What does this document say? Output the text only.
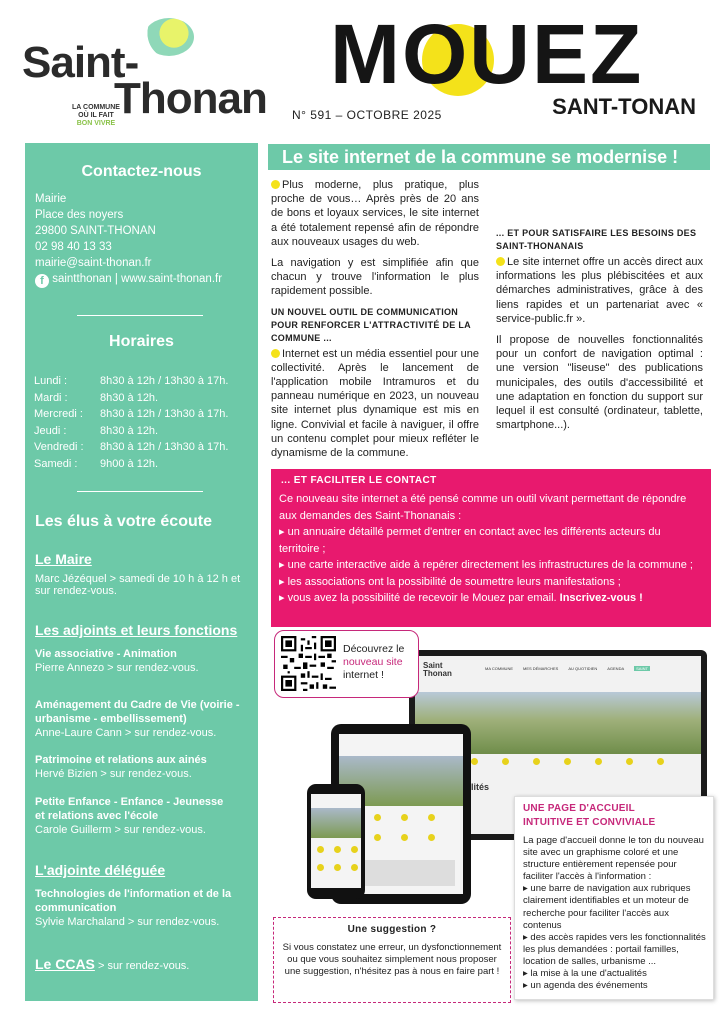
Saint-
Thonan
LA COMMUNE
OÙ IL FAIT
BON VIVRE
MOUEZ
SANT-TONAN
N° 591 – OCTOBRE 2025

Contactez-nous

Mairie
Place des noyers
29800 SAINT-THONAN
02 98 40 13 33
mairie@saint-thonan.fr
f saintthonan | www.saint-thonan.fr

Horaires

Lundi :	8h30 à 12h / 13h30 à 17h.
Mardi :	8h30 à 12h.
Mercredi :	8h30 à 12h / 13h30 à 17h.
Jeudi :	8h30 à 12h.
Vendredi :	8h30 à 12h / 13h30 à 17h.
Samedi :	9h00 à 12h.
Les élus à votre écoute
Le Maire
Marc Jézéquel > samedi de 10 h à 12 h et sur rendez-vous.
Les adjoints et leurs fonctions
Vie associative - Animation
Pierre Annezo > sur rendez-vous.
Aménagement du Cadre de Vie (voirie - urbanisme - embellissement)
Anne-Laure Cann > sur rendez-vous.
Patrimoine et relations aux ainés
Hervé Bizien > sur rendez-vous.
Petite Enfance - Enfance - Jeunesse et relations avec l'école
Carole Guillerm > sur rendez-vous.
L'adjointe déléguée
Technologies de l'information et de la communication
Sylvie Marchaland > sur rendez-vous.
Le CCAS > sur rendez-vous.
Le site internet de la commune se modernise !

Plus moderne, plus pratique, plus proche de vous… Après près de 20 ans de bons et loyaux services, le site internet a été totalement repensé afin de répondre aux nouveaux usages du web.

La navigation y est simplifiée afin que chacun y trouve l'information le plus rapidement possible.

UN NOUVEL OUTIL DE COMMUNICATION POUR RENFORCER L'ATTRACTIVITÉ DE LA COMMUNE ...

Internet est un média essentiel pour une collectivité. Après le lancement de l'application mobile Intramuros et du panneau numérique en 2023, un nouveau site internet plus dynamique est mis en ligne. Convivial et facile à naviguer, il offre un contenu complet pour mieux refléter le dynamisme de la commune.

... ET POUR SATISFAIRE LES BESOINS DES SAINT-THONANAIS

Le site internet offre un accès direct aux informations les plus plébiscitées et aux démarches administratives, grâce à des liens rapides et un partenariat avec « service-public.fr ».

Il propose de nouvelles fonctionnalités pour un confort de navigation optimal : une version "liseuse" des publications municipales, des outils d'accessibilité et une adaptation en fonction du support sur lequel il est consulté (ordinateur, tablette, smartphone...).

... ET FACILITER LE CONTACT
Ce nouveau site internet a été pensé comme un outil vivant permettant de répondre aux demandes des Saint-Thonanais :
▸ un annuaire détaillé permet d'entrer en contact avec les différents acteurs du territoire ;
▸ une carte interactive aide à repérer directement les infrastructures de la commune ;
▸ les associations ont la possibilité de soumettre leurs manifestations ;
▸ vous avez la possibilité de recevoir le Mouez par email. Inscrivez-vous !
Saint
Thonan
MA COMMUNE	MES DÉMARCHES	AU QUOTIDIEN	AGENDA	SAINT
lités
Découvrez le
nouveau site
internet !
UNE PAGE D'ACCUEIL INTUITIVE ET CONVIVIALE
La page d'accueil donne le ton du nouveau site avec un graphisme coloré et une structure entièrement repensée pour faciliter l'accès à l'information :
▸ une barre de navigation aux rubriques clairement identifiables et un moteur de recherche pour faciliter l'accès aux contenus
▸ des accès rapides vers les fonctionnalités les plus demandées : portail familles, location de salles, urbanisme ...
▸ la mise à la une d'actualités
▸ un agenda des événements
Une suggestion ?
Si vous constatez une erreur, un dysfonctionnement ou que vous souhaitez simplement nous proposer une suggestion, n'hésitez pas à nous en faire part !
